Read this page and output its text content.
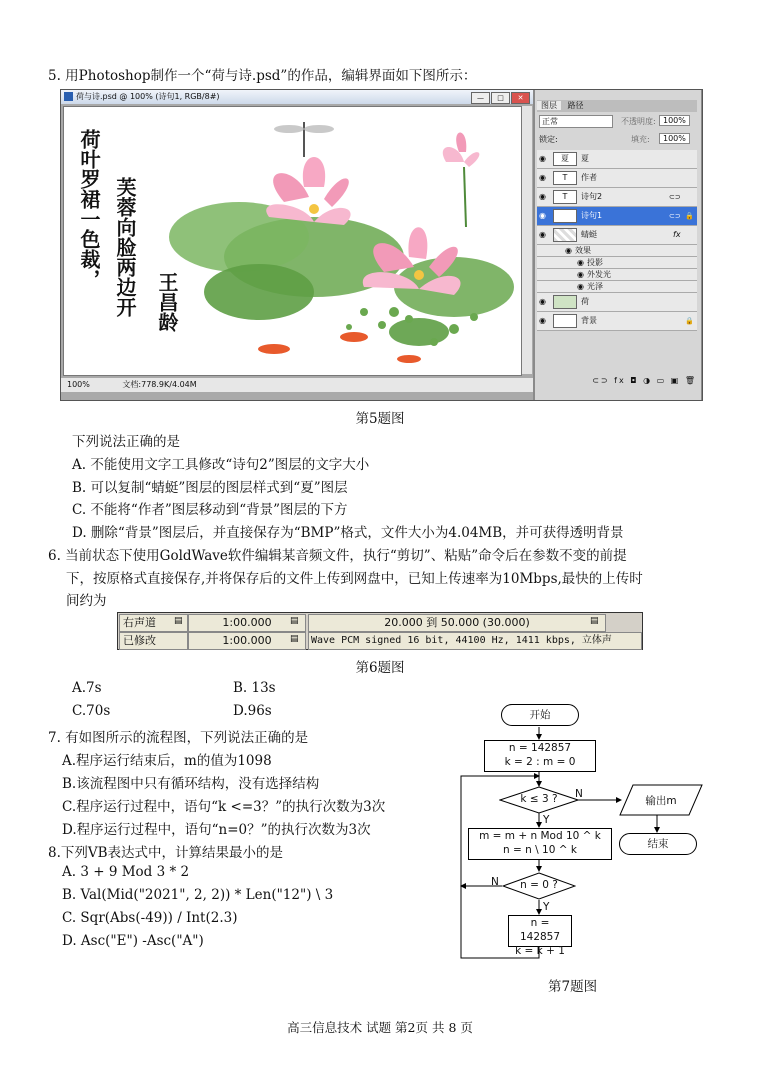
5. 用Photoshop制作一个“荷与诗.psd”的作品，编辑界面如下图所示：
荷与诗.psd @ 100% (诗句1, RGB/8#)	—	□	✕
荷叶罗裙一色裁， 芙蓉向脸两边开 王昌龄
100%	文档:778.9K/4.04M
图层 路径
正常	不透明度: 100%
锁定:	填充:	100%
◉	夏	夏
◉	T	作者
◉	T	诗句2	⊂⊃
◉	T	诗句1	⊂⊃ 🔒
◉	蜻蜓	fx
◉ 效果
◉ 投影
◉ 外发光
◉ 光泽
◉	荷
◉	背景	🔒
⊂⊃ fx ◘ ◑ ▭ ▣ 🗑
第5题图
下列说法正确的是
A. 不能使用文字工具修改“诗句2”图层的文字大小
B. 可以复制“蜻蜓”图层的图层样式到“夏”图层
C. 不能将“作者”图层移动到“背景”图层的下方
D. 删除“背景”图层后，并直接保存为“BMP”格式，文件大小为4.04MB，并可获得透明背景
6. 当前状态下使用GoldWave软件编辑某音频文件，执行“剪切”、粘贴”命令后在参数不变的前提
下，按原格式直接保存,并将保存后的文件上传到网盘中，已知上传速率为10Mbps,最快的上传时
间约为
右声道	▤	1:00.000	▤	20.000 到 50.000 (30.000)	▤
已修改	1:00.000	▤	Wave PCM signed 16 bit, 44100 Hz, 1411 kbps, 立体声
第6题图
A.7s	B. 13s
C.70s	D.96s
7. 有如图所示的流程图，下列说法正确的是
A.程序运行结束后，m的值为1098
B.该流程图中只有循环结构，没有选择结构
C.程序运行过程中，语句“k <=3？”的执行次数为3次
D.程序运行过程中，语句“n=0？”的执行次数为3次
8.下列VB表达式中，计算结果最小的是
A. 3 + 9 Mod 3 * 2
B. Val(Mid("2021", 2, 2)) * Len("12") \ 3
C. Sqr(Abs(-49)) / Int(2.3)
D. Asc("E") -Asc("A")
开始
n = 142857
k = 2 : m = 0
k ≤ 3 ?	N
Y
m = m + n Mod 10 ^ k
n = n \ 10 ^ k
n = 0 ?
N
Y
n = 142857
k = k + 1
输出m
结束
第7题图
高三信息技术 试题 第2页 共 8 页
